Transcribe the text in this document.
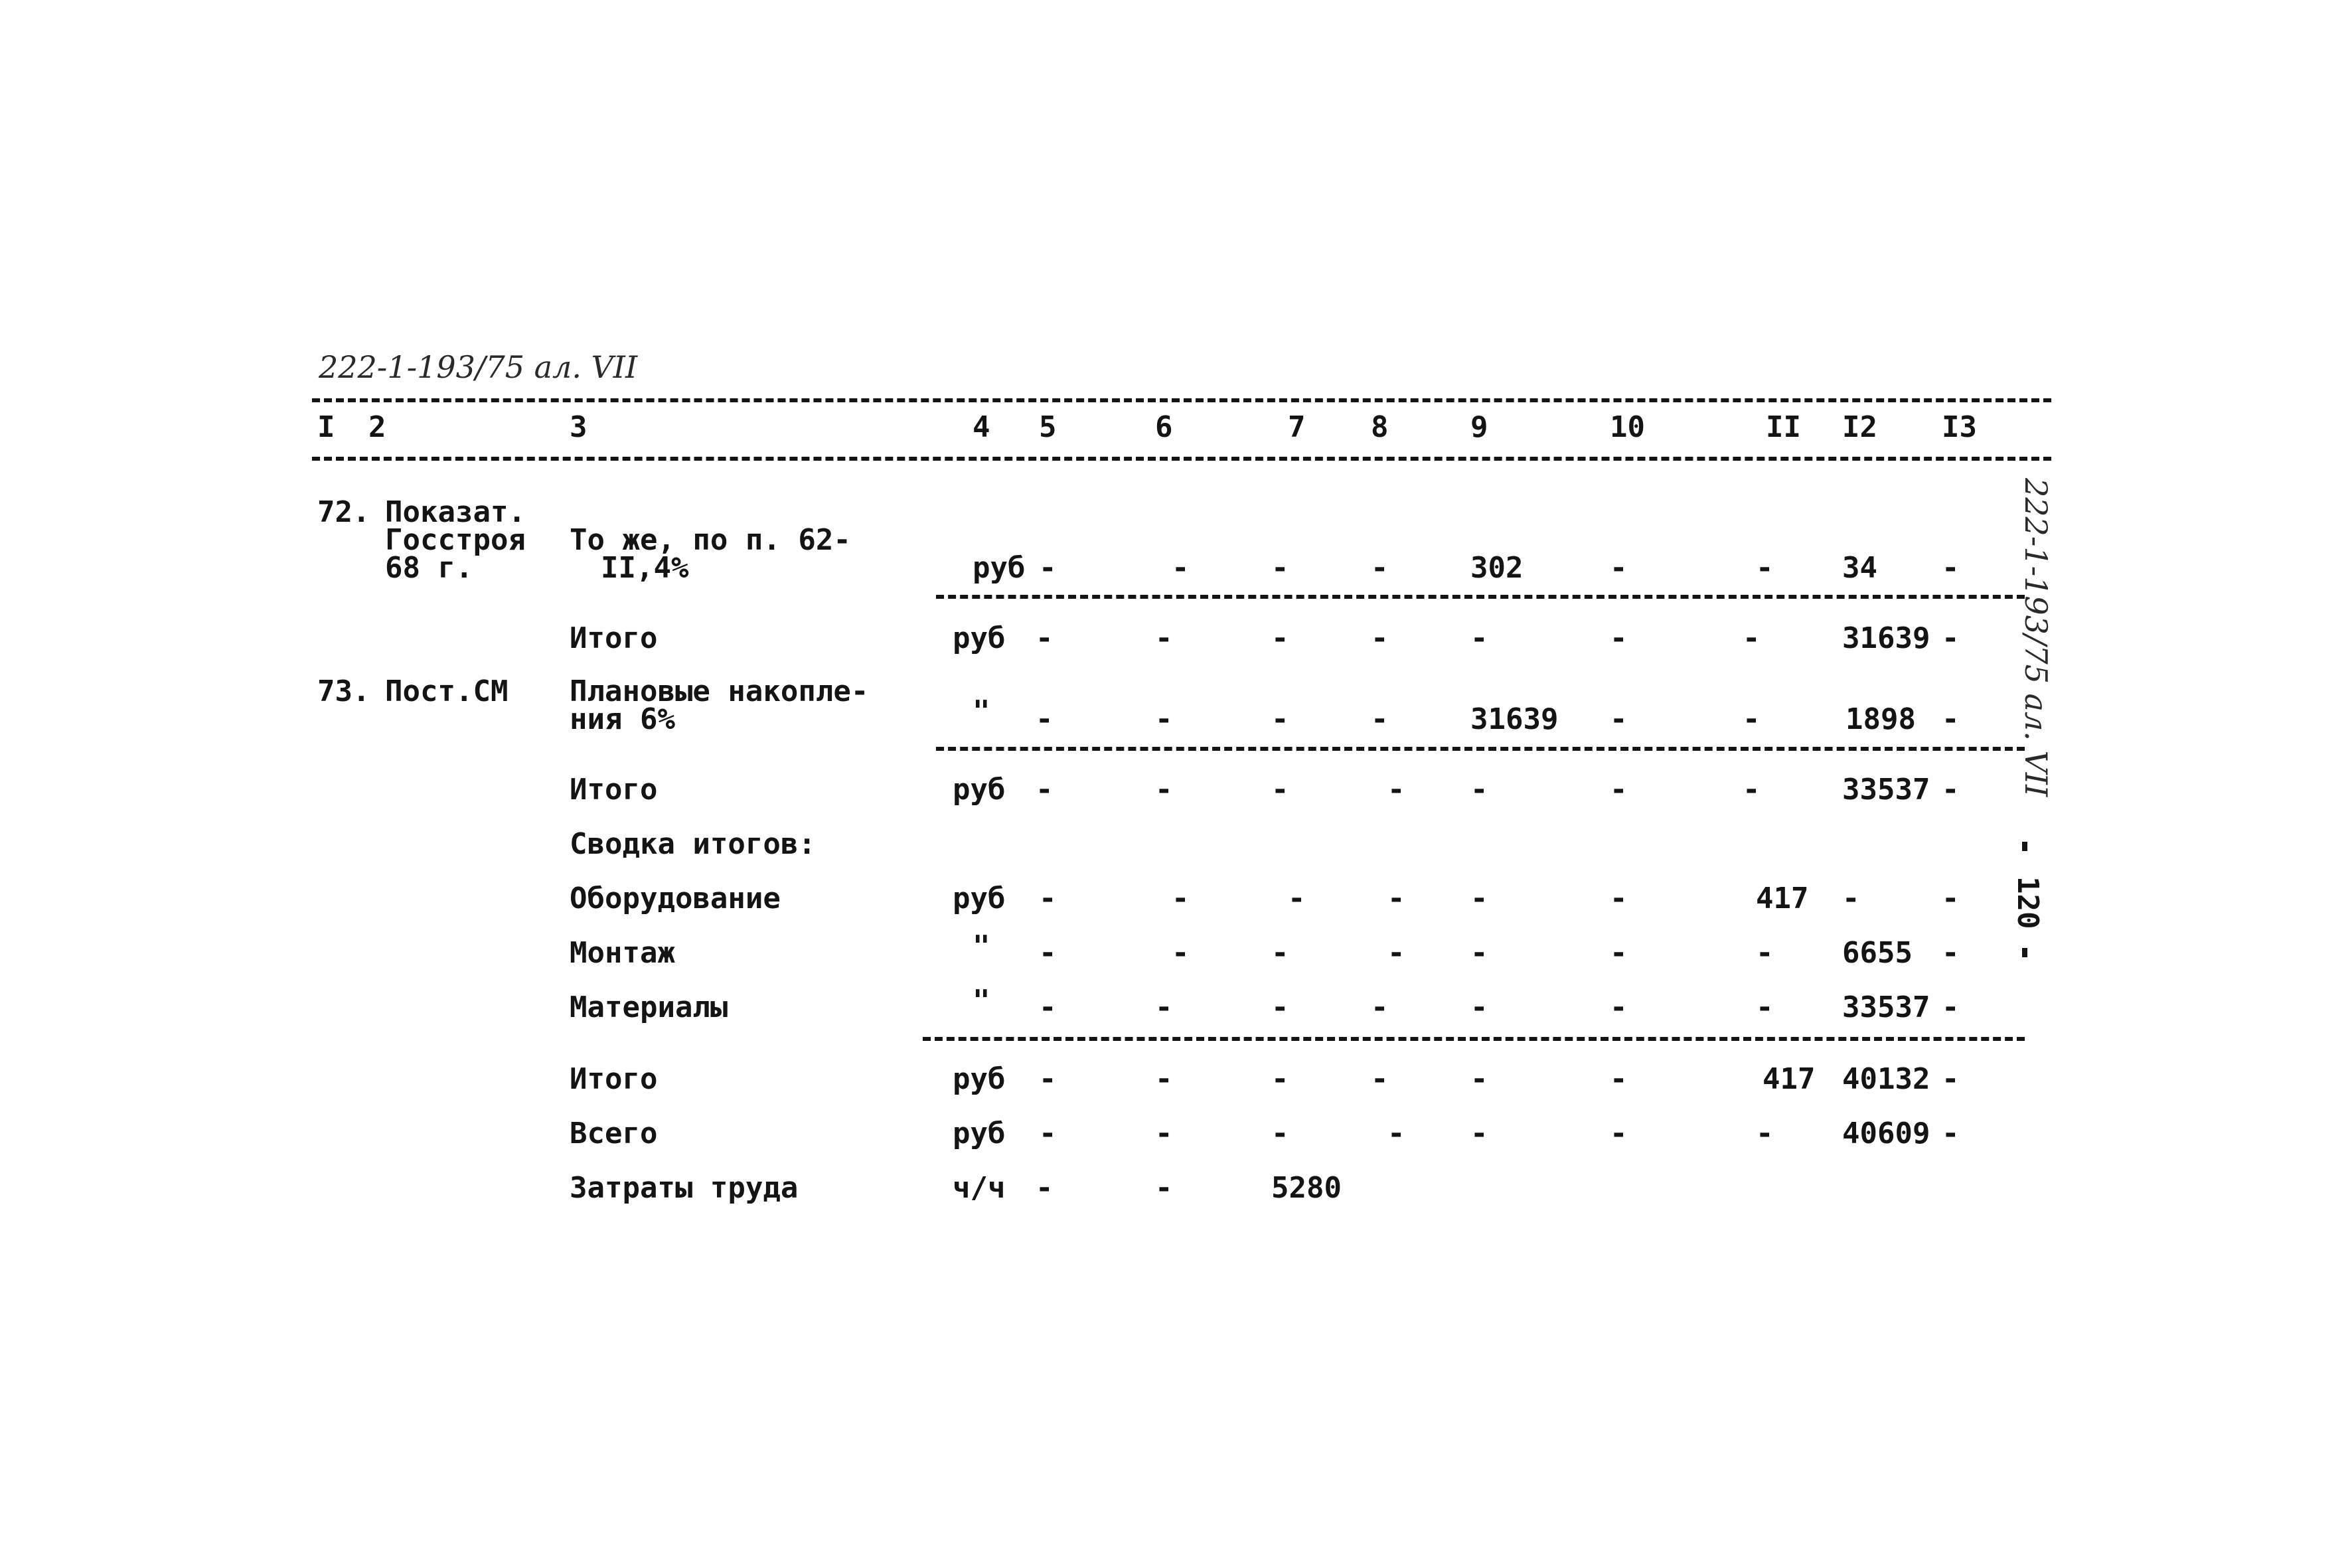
222-1-193/75 ал. VII
I 2	3	4 5	6	7 8	9	10	II I2 I3
72. Показат.
Госстроя
68 г.
То же, по п. 62-
II,4%	руб -	-	-	-	302	-	- 34 -
Итого	руб -	-	-	-	-	-	-	31639 -
73. Пост.СМ Плановые накопле-
ния 6%	" -	-	-	-	31639 -	-	1898 -
Итого	руб -	-	-	- -	-	-	33537 -
Сводка итогов:
Оборудование	руб -	-	-	- -	-	417 -	-
Монтаж	" -	-	-	- -	-	- 6655 -
Материалы	" -	-	-	-	-	-	- 33537 -
Итого	руб -	-	-	-	-	-	417 40132 -
Всего	руб -	-	-	- -	-	- 40609 -
Затраты труда	ч/ч -	-	5280
222-1-193/75 ал. VII
120
